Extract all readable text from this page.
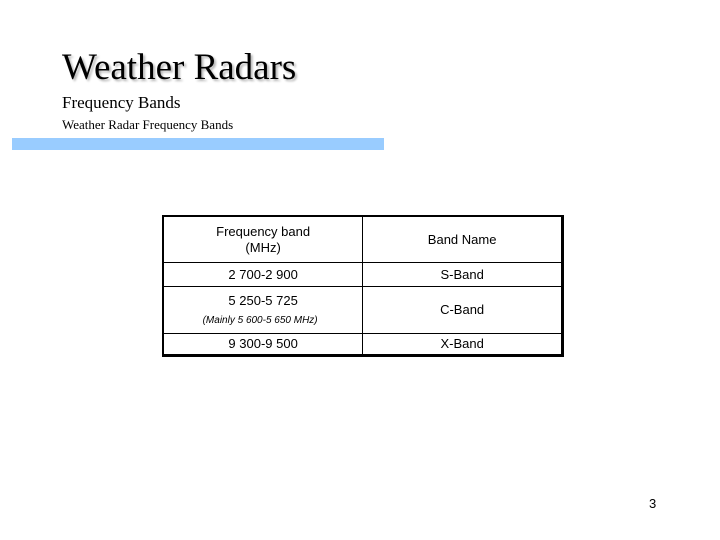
Weather Radars
Frequency Bands
Weather Radar Frequency Bands
Frequency band
(MHz)	Band Name
2 700-2 900	S-Band

5 250-5 725
(Mainly 5 600-5 650 MHz)	C-Band
9 300-9 500	X-Band
3
